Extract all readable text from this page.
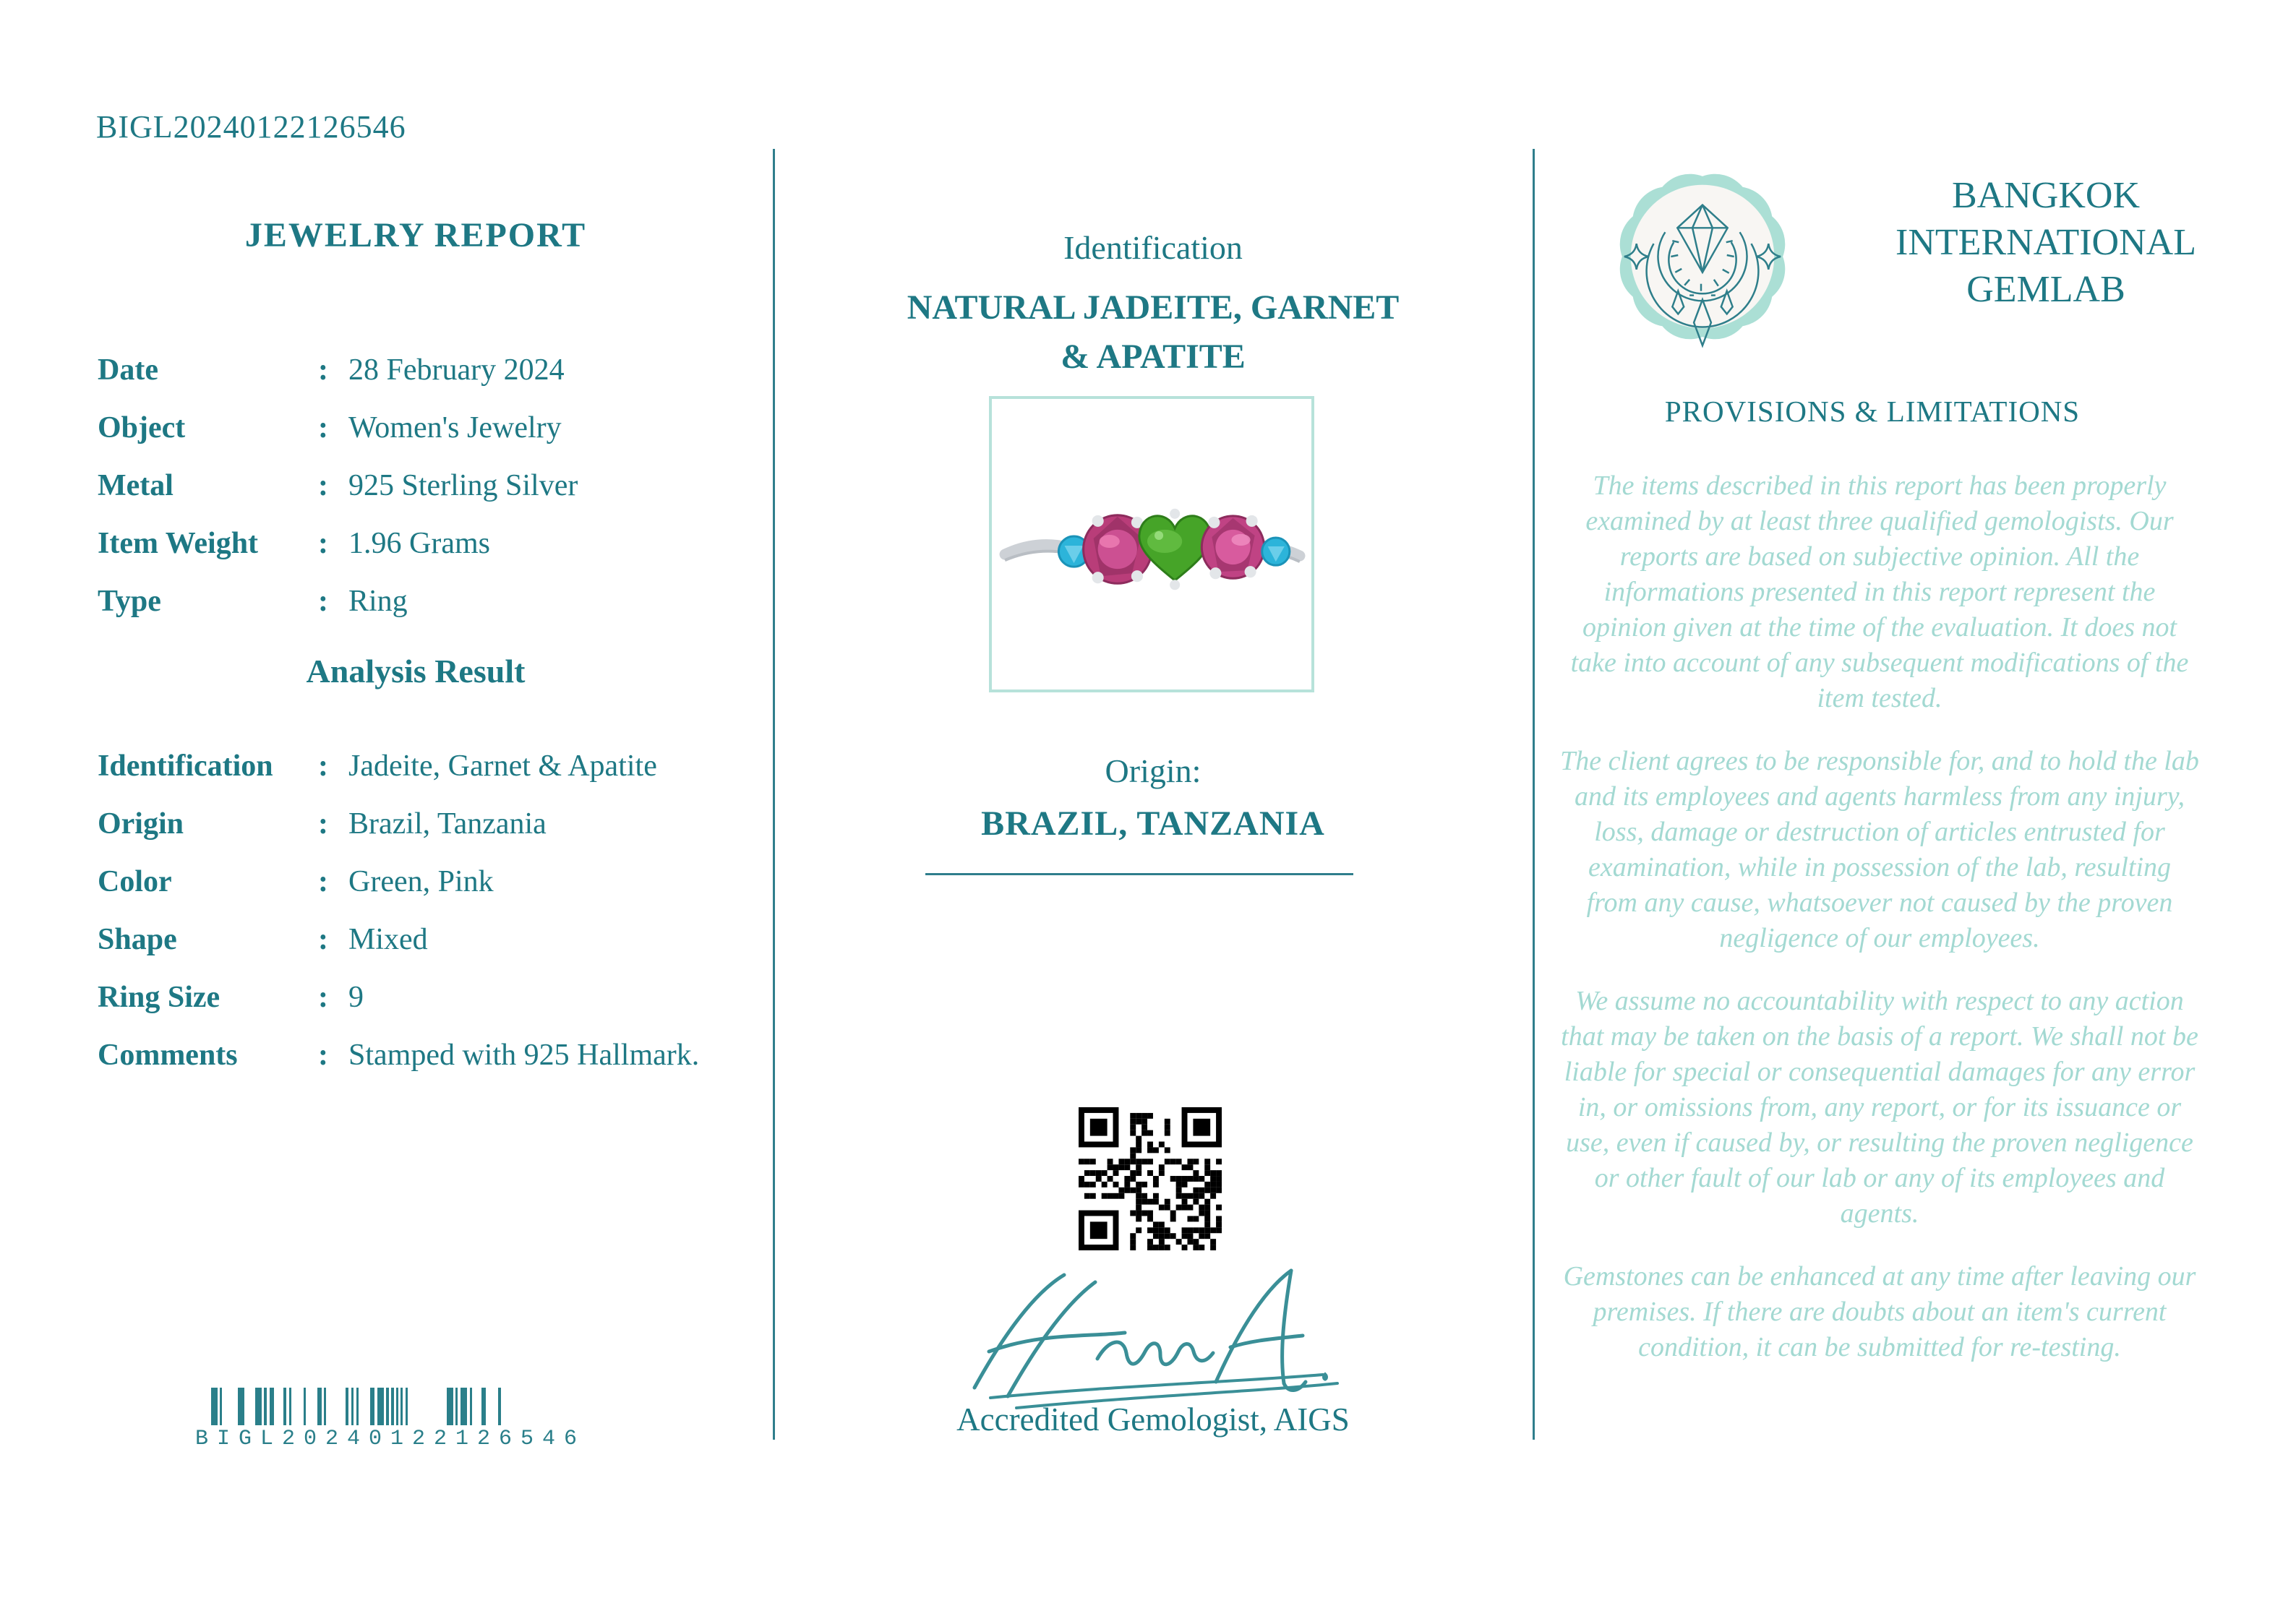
BIGL20240122126546
JEWELRY REPORT
Date	: 28 February 2024
Object	: Women's Jewelry
Metal	: 925 Sterling Silver
Item Weight	: 1.96 Grams
Type	: Ring
Analysis Result
Identification	: Jadeite, Garnet & Apatite
Origin	: Brazil, Tanzania
Color	: Green, Pink
Shape	: Mixed
Ring Size	: 9
Comments	: Stamped with 925 Hallmark.
BIGL20240122126546
Identification
NATURAL JADEITE, GARNET
& APATITE
Origin:
BRAZIL, TANZANIA
Accredited Gemologist, AIGS
BANGKOK
INTERNATIONAL
GEMLAB
PROVISIONS & LIMITATIONS

The items described in this report has been properly examined by at least three qualified gemologists. Our reports are based on subjective opinion. All the informations presented in this report represent the opinion given at the time of the evaluation. It does not take into account of any subsequent modifications of the item tested.

The client agrees to be responsible for, and to hold the lab and its employees and agents harmless from any injury, loss, damage or destruction of articles entrusted for examination, while in possession of the lab, resulting from any cause, whatsoever not caused by the proven negligence of our employees.

We assume no accountability with respect to any action that may be taken on the basis of a report. We shall not be liable for special or consequential damages for any error in, or omissions from, any report, or for its issuance or use, even if caused by, or resulting the proven negligence or other fault of our lab or any of its employees and agents.

Gemstones can be enhanced at any time after leaving our premises. If there are doubts about an item's current condition, it can be submitted for re-testing.
